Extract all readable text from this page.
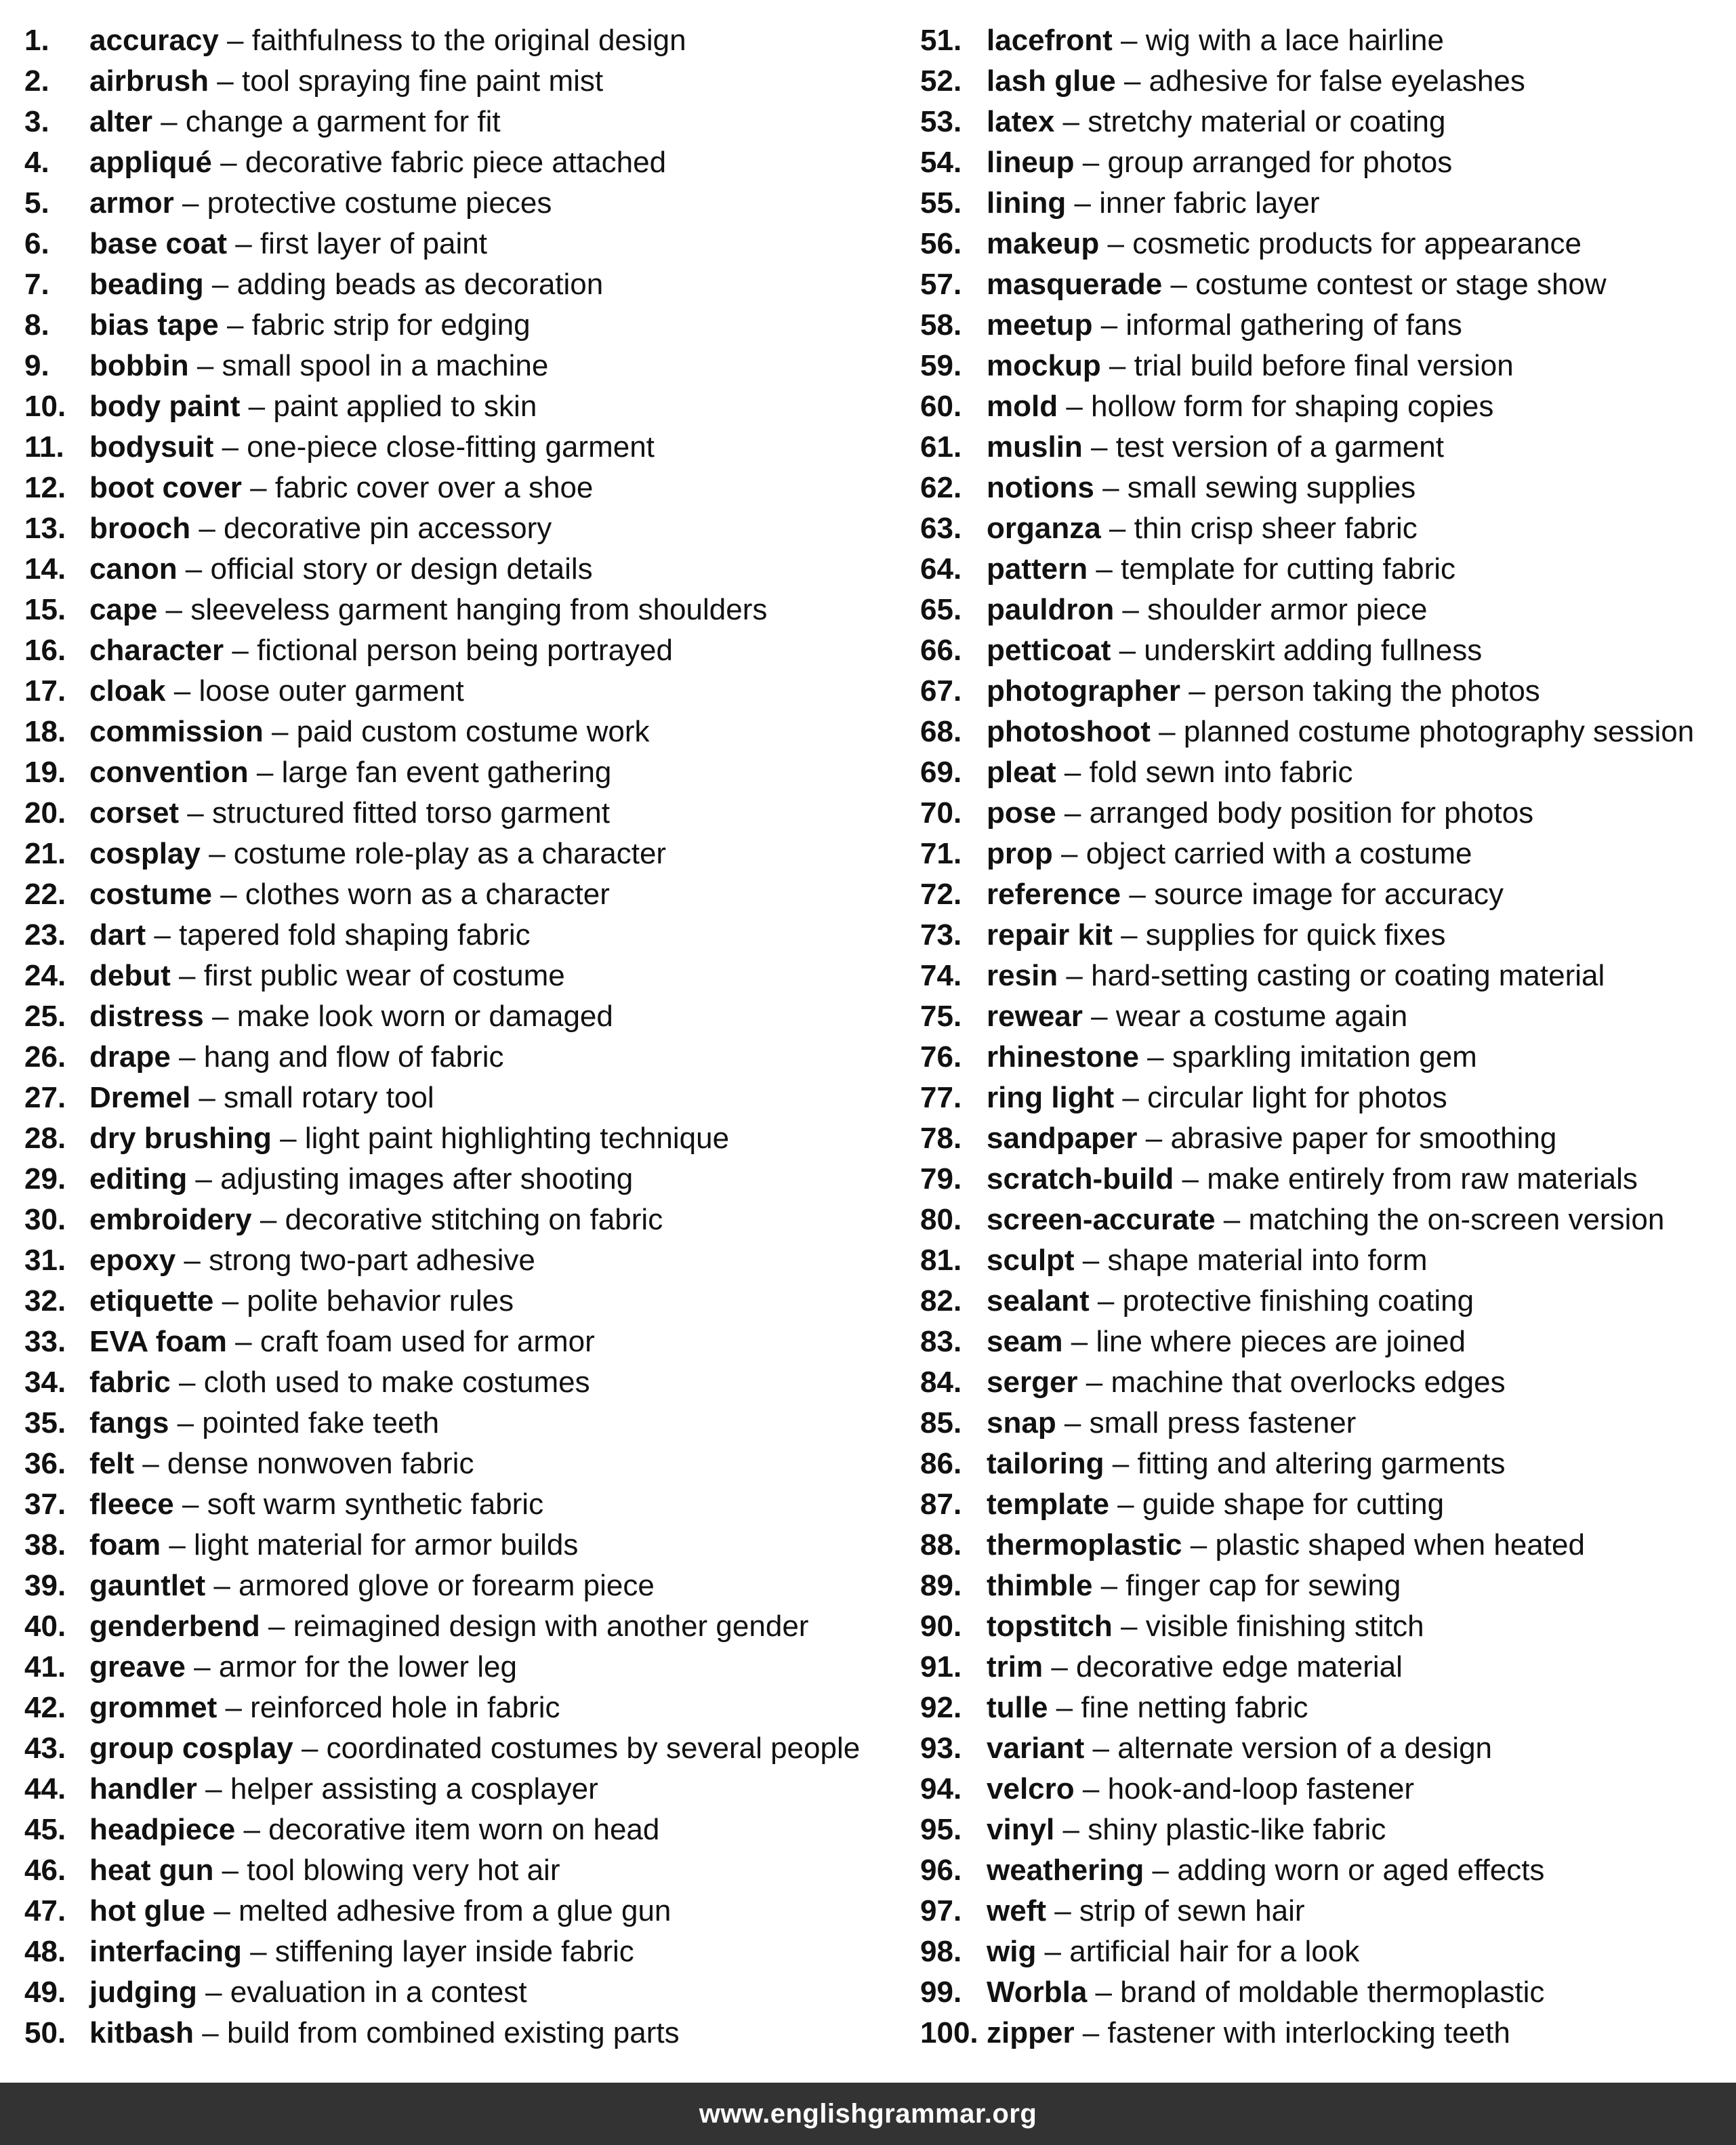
1.	accuracy – faithfulness to the original design
2.	airbrush – tool spraying fine paint mist
3.	alter – change a garment for fit
4.	appliqué – decorative fabric piece attached
5.	armor – protective costume pieces
6.	base coat – first layer of paint
7.	beading – adding beads as decoration
8.	bias tape – fabric strip for edging
9.	bobbin – small spool in a machine
10. body paint – paint applied to skin
11. bodysuit – one-piece close-fitting garment
12. boot cover – fabric cover over a shoe
13. brooch – decorative pin accessory
14. canon – official story or design details
15. cape – sleeveless garment hanging from shoulders
16. character – fictional person being portrayed
17. cloak – loose outer garment
18. commission – paid custom costume work
19. convention – large fan event gathering
20. corset – structured fitted torso garment
21. cosplay – costume role-play as a character
22. costume – clothes worn as a character
23. dart – tapered fold shaping fabric
24. debut – first public wear of costume
25. distress – make look worn or damaged
26. drape – hang and flow of fabric
27. Dremel – small rotary tool
28. dry brushing – light paint highlighting technique
29. editing – adjusting images after shooting
30. embroidery – decorative stitching on fabric
31. epoxy – strong two-part adhesive
32. etiquette – polite behavior rules
33. EVA foam – craft foam used for armor
34. fabric – cloth used to make costumes
35. fangs – pointed fake teeth
36. felt – dense nonwoven fabric
37. fleece – soft warm synthetic fabric
38. foam – light material for armor builds
39. gauntlet – armored glove or forearm piece
40. genderbend – reimagined design with another gender
41. greave – armor for the lower leg
42. grommet – reinforced hole in fabric
43. group cosplay – coordinated costumes by several people
44. handler – helper assisting a cosplayer
45. headpiece – decorative item worn on head
46. heat gun – tool blowing very hot air
47. hot glue – melted adhesive from a glue gun
48. interfacing – stiffening layer inside fabric
49. judging – evaluation in a contest
50. kitbash – build from combined existing parts
51. lacefront – wig with a lace hairline
52. lash glue – adhesive for false eyelashes
53. latex – stretchy material or coating
54. lineup – group arranged for photos
55. lining – inner fabric layer
56. makeup – cosmetic products for appearance
57. masquerade – costume contest or stage show
58. meetup – informal gathering of fans
59. mockup – trial build before final version
60. mold – hollow form for shaping copies
61. muslin – test version of a garment
62. notions – small sewing supplies
63. organza – thin crisp sheer fabric
64. pattern – template for cutting fabric
65. pauldron – shoulder armor piece
66. petticoat – underskirt adding fullness
67. photographer – person taking the photos
68. photoshoot – planned costume photography session
69. pleat – fold sewn into fabric
70. pose – arranged body position for photos
71. prop – object carried with a costume
72. reference – source image for accuracy
73. repair kit – supplies for quick fixes
74. resin – hard-setting casting or coating material
75. rewear – wear a costume again
76. rhinestone – sparkling imitation gem
77. ring light – circular light for photos
78. sandpaper – abrasive paper for smoothing
79. scratch-build – make entirely from raw materials
80. screen-accurate – matching the on-screen version
81. sculpt – shape material into form
82. sealant – protective finishing coating
83. seam – line where pieces are joined
84. serger – machine that overlocks edges
85. snap – small press fastener
86. tailoring – fitting and altering garments
87. template – guide shape for cutting
88. thermoplastic – plastic shaped when heated
89. thimble – finger cap for sewing
90. topstitch – visible finishing stitch
91. trim – decorative edge material
92. tulle – fine netting fabric
93. variant – alternate version of a design
94. velcro – hook-and-loop fastener
95. vinyl – shiny plastic-like fabric
96. weathering – adding worn or aged effects
97. weft – strip of sewn hair
98. wig – artificial hair for a look
99. Worbla – brand of moldable thermoplastic
100. zipper – fastener with interlocking teeth
www.englishgrammar.org
